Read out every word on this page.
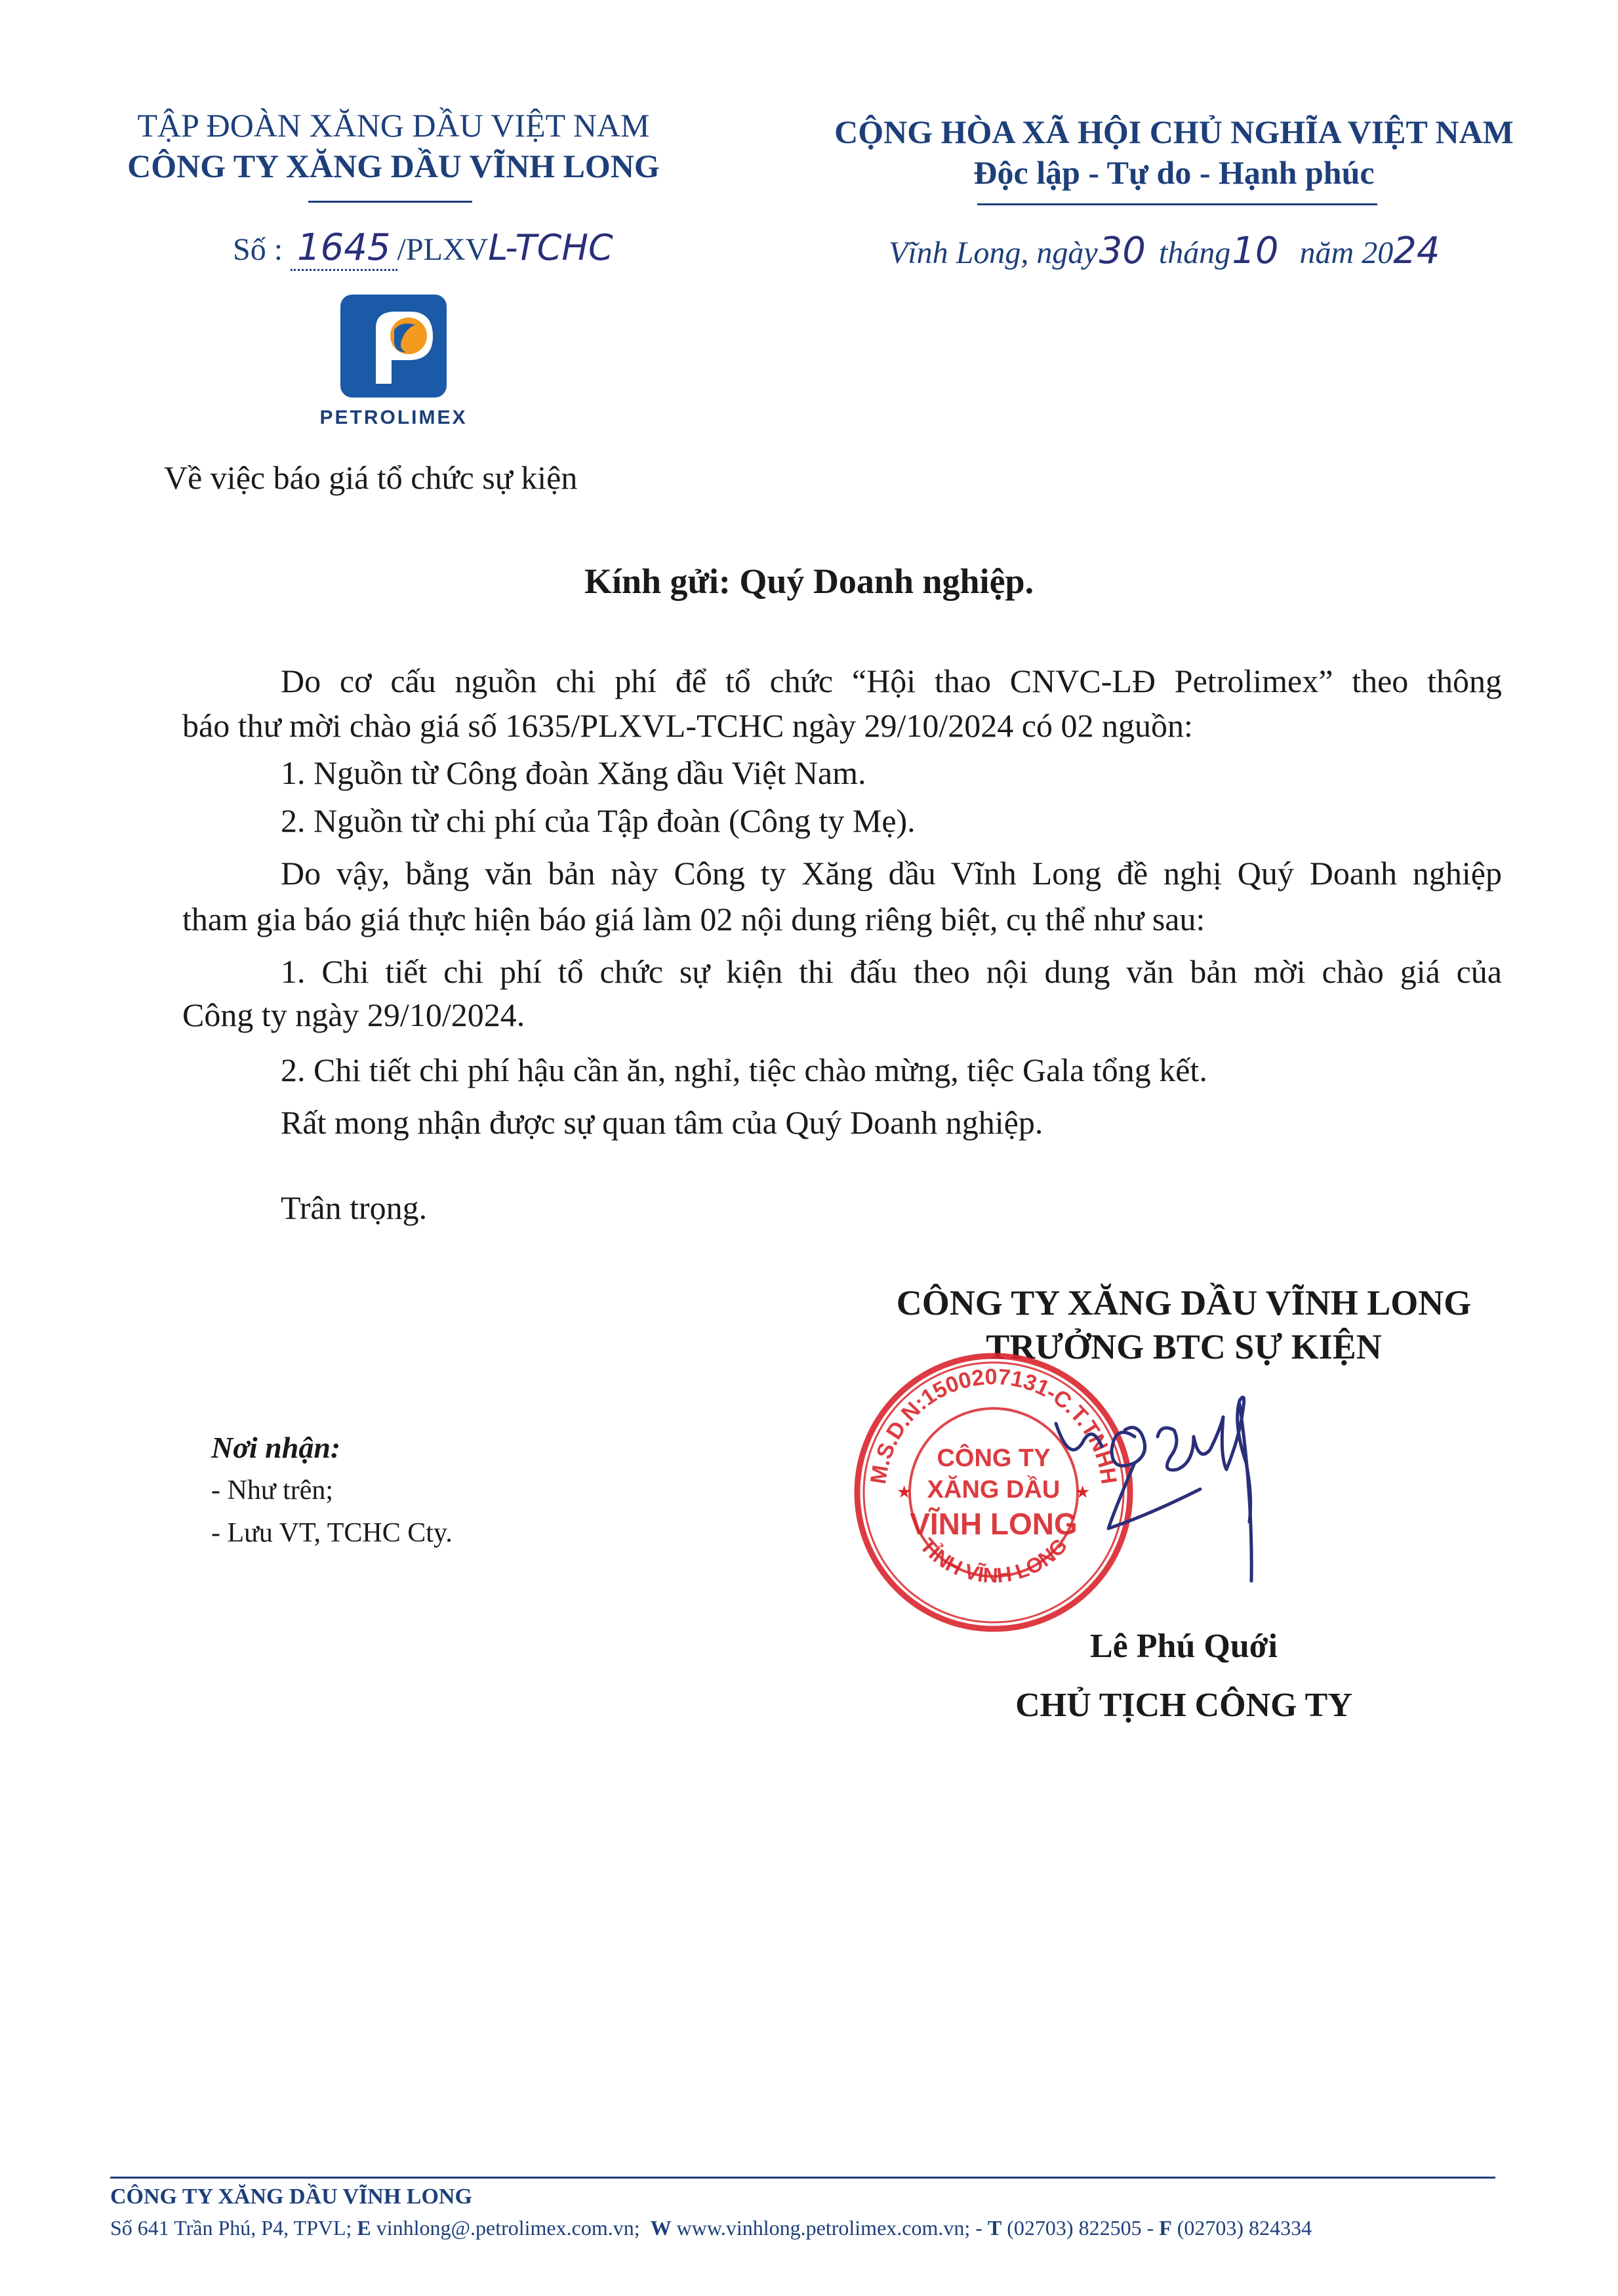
TẬP ĐOÀN XĂNG DẦU VIỆT NAM
CÔNG TY XĂNG DẦU VĨNH LONG
Số : 1645 /PLXVL-TCHC
PETROLIMEX
Về việc báo giá tổ chức sự kiện
CỘNG HÒA XÃ HỘI CHỦ NGHĨA VIỆT NAM
Độc lập - Tự do - Hạnh phúc
Vĩnh Long, ngày30 tháng10 năm 2024
Kính gửi: Quý Doanh nghiệp.
Do cơ cấu nguồn chi phí để tổ chức “Hội thao CNVC-LĐ Petrolimex” theo thông
báo thư mời chào giá số 1635/PLXVL-TCHC ngày 29/10/2024 có 02 nguồn:
1. Nguồn từ Công đoàn Xăng dầu Việt Nam.
2. Nguồn từ chi phí của Tập đoàn (Công ty Mẹ).
Do vậy, bằng văn bản này Công ty Xăng dầu Vĩnh Long đề nghị Quý Doanh nghiệp
tham gia báo giá thực hiện báo giá làm 02 nội dung riêng biệt, cụ thể như sau:
1. Chi tiết chi phí tổ chức sự kiện thi đấu theo nội dung văn bản mời chào giá của
Công ty ngày 29/10/2024.
2. Chi tiết chi phí hậu cần ăn, nghỉ, tiệc chào mừng, tiệc Gala tổng kết.
Rất mong nhận được sự quan tâm của Quý Doanh nghiệp.
Trân trọng.
CÔNG TY XĂNG DẦU VĨNH LONG
TRƯỞNG BTC SỰ KIỆN
M.S.D.N:1500207131-C.T.TNHH
TỈNH VĨNH LONG
CÔNG TY
XĂNG DẦU
VĨNH LONG
★	★
Lê Phú Quới
CHỦ TỊCH CÔNG TY
Nơi nhận:
- Như trên;
- Lưu VT, TCHC Cty.
CÔNG TY XĂNG DẦU VĨNH LONG
Số 641 Trần Phú, P4, TPVL; E vinhlong@.petrolimex.com.vn; W www.vinhlong.petrolimex.com.vn; - T (02703) 822505 - F (02703) 824334
